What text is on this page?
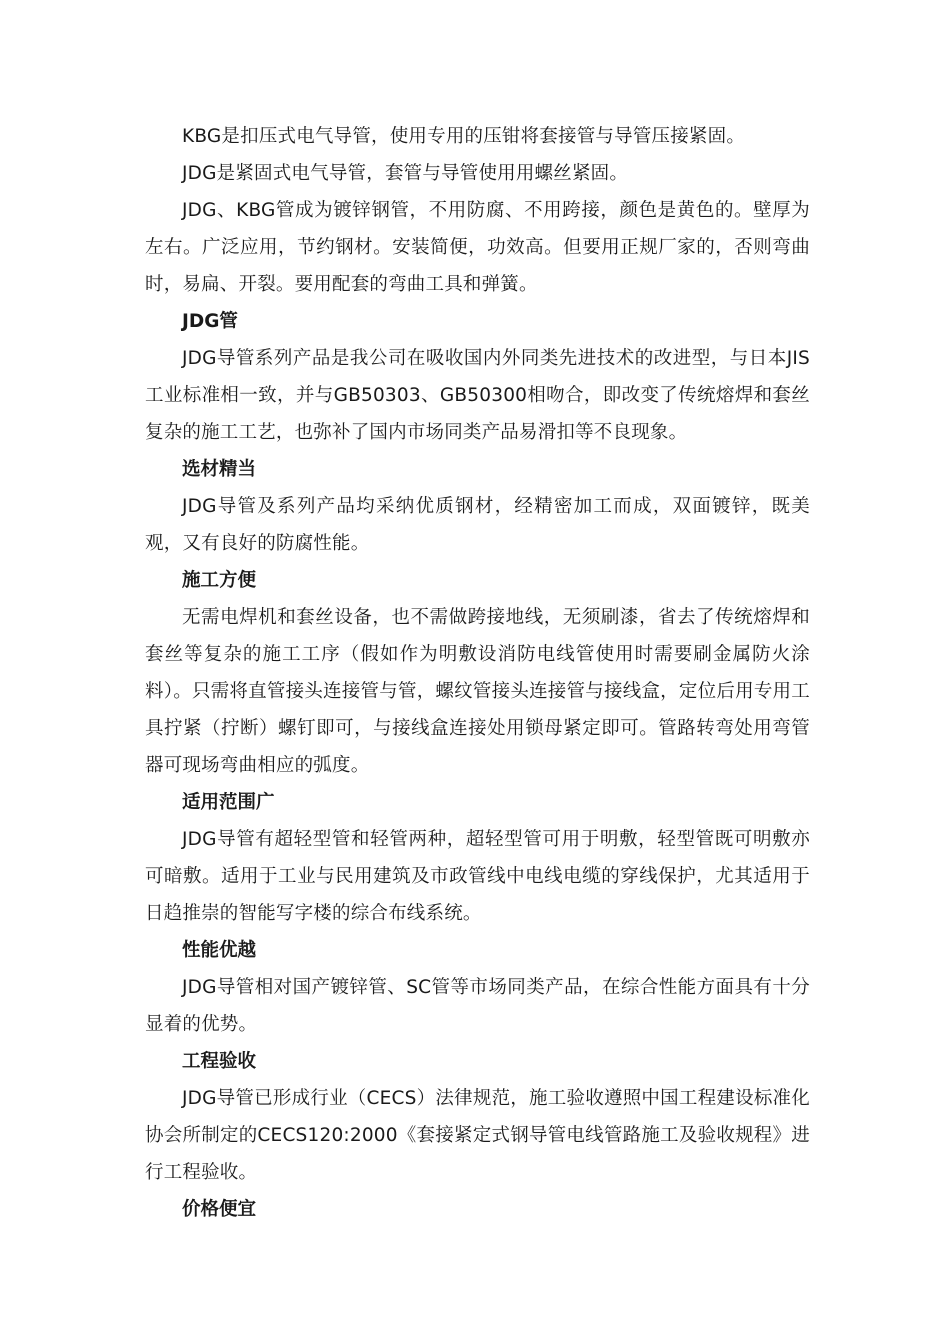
KBG是扣压式电气导管，使用专用的压钳将套接管与导管压接紧固。

JDG是紧固式电气导管，套管与导管使用用螺丝紧固。

JDG、KBG管成为镀锌钢管，不用防腐、不用跨接，颜色是黄色的。壁厚为左右。广泛应用，节约钢材。安装简便，功效高。但要用正规厂家的，否则弯曲时，易扁、开裂。要用配套的弯曲工具和弹簧。

JDG管

JDG导管系列产品是我公司在吸收国内外同类先进技术的改进型，与日本JIS工业标准相一致，并与GB50303、GB50300相吻合，即改变了传统熔焊和套丝复杂的施工工艺，也弥补了国内市场同类产品易滑扣等不良现象。

选材精当

JDG导管及系列产品均采纳优质钢材，经精密加工而成，双面镀锌，既美观，又有良好的防腐性能。

施工方便

无需电焊机和套丝设备，也不需做跨接地线，无须刷漆，省去了传统熔焊和套丝等复杂的施工工序（假如作为明敷设消防电线管使用时需要刷金属防火涂料）。只需将直管接头连接管与管，螺纹管接头连接管与接线盒，定位后用专用工具拧紧（拧断）螺钉即可，与接线盒连接处用锁母紧定即可。管路转弯处用弯管器可现场弯曲相应的弧度。

适用范围广

JDG导管有超轻型管和轻管两种，超轻型管可用于明敷，轻型管既可明敷亦可暗敷。适用于工业与民用建筑及市政管线中电线电缆的穿线保护，尤其适用于日趋推崇的智能写字楼的综合布线系统。

性能优越

JDG导管相对国产镀锌管、SC管等市场同类产品，在综合性能方面具有十分显着的优势。

工程验收

JDG导管已形成行业（CECS）法律规范，施工验收遵照中国工程建设标准化协会所制定的CECS120:2000《套接紧定式钢导管电线管路施工及验收规程》进行工程验收。

价格便宜
